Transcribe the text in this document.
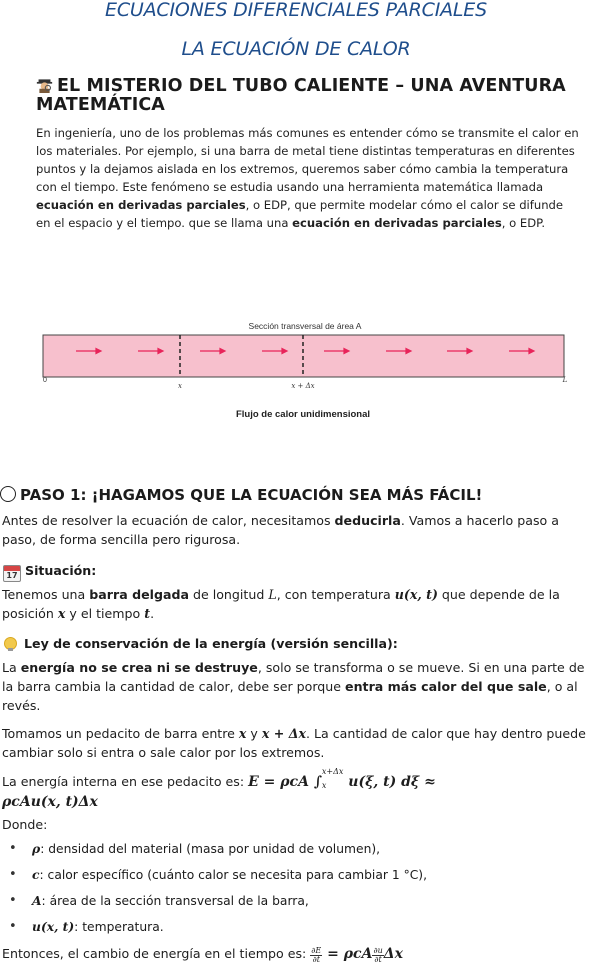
ECUACIONES DIFERENCIALES PARCIALES
LA ECUACIÓN DE CALOR
EL MISTERIO DEL TUBO CALIENTE – UNA AVENTURA MATEMÁTICA
En ingeniería, uno de los problemas más comunes es entender cómo se transmite el calor en los materiales. Por ejemplo, si una barra de metal tiene distintas temperaturas en diferentes puntos y la dejamos aislada en los extremos, queremos saber cómo cambia la temperatura con el tiempo. Este fenómeno se estudia usando una herramienta matemática llamada ecuación en derivadas parciales, o EDP, que permite modelar cómo el calor se difunde en el espacio y el tiempo. que se llama una ecuación en derivadas parciales, o EDP.
Sección transversal de área A
0
x	x + Δx
L
Flujo de calor unidimensional
PASO 1: ¡HAGAMOS QUE LA ECUACIÓN SEA MÁS FÁCIL!

Antes de resolver la ecuación de calor, necesitamos deducirla. Vamos a hacerlo paso a paso, de forma sencilla pero rigurosa.

17 Situación:

Tenemos una barra delgada de longitud L, con temperatura u(x, t) que depende de la posición x y el tiempo t.

Ley de conservación de la energía (versión sencilla):

La energía no se crea ni se destruye, solo se transforma o se mueve. Si en una parte de la barra cambia la cantidad de calor, debe ser porque entra más calor del que sale, o al revés.

Tomamos un pedacito de barra entre x y x + Δx. La cantidad de calor que hay dentro puede cambiar solo si entra o sale calor por los extremos.

La energía interna en ese pedacito es: E = ρcA ∫
x+Δx
x	u(ξ, t) dξ ≈
ρcAu(x, t)Δx

Donde:

• ρ: densidad del material (masa por unidad de volumen),
• c: calor específico (cuánto calor se necesita para cambiar 1 °C),
• A: área de la sección transversal de la barra,
• u(x, t): temperatura.

Entonces, el cambio de energía en el tiempo es: $\frac{\partial E}{\partial t} = \rho cA \frac{\partial u}{\partial t}$ Δx
